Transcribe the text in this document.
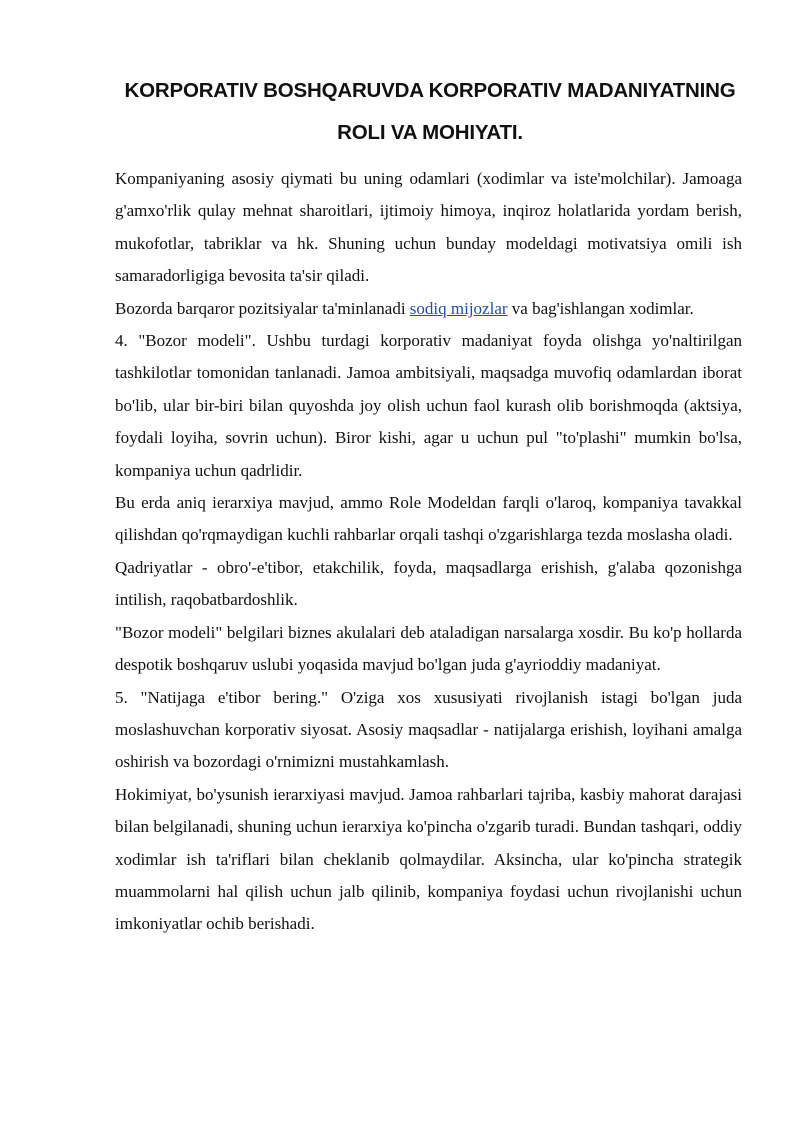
KORPORATIV BOSHQARUVDA KORPORATIV MADANIYATNING
ROLI VA MOHIYATI.

Kompaniyaning asosiy qiymati bu uning odamlari (xodimlar va iste'molchilar). Jamoaga g'amxo'rlik qulay mehnat sharoitlari, ijtimoiy himoya, inqiroz holatlarida yordam berish, mukofotlar, tabriklar va hk. Shuning uchun bunday modeldagi motivatsiya omili ish samaradorligiga bevosita ta'sir qiladi.

Bozorda barqaror pozitsiyalar ta'minlanadi sodiq mijozlar va bag'ishlangan xodimlar.

4. "Bozor modeli". Ushbu turdagi korporativ madaniyat foyda olishga yo'naltirilgan tashkilotlar tomonidan tanlanadi. Jamoa ambitsiyali, maqsadga muvofiq odamlardan iborat bo'lib, ular bir-biri bilan quyoshda joy olish uchun faol kurash olib borishmoqda (aktsiya, foydali loyiha, sovrin uchun). Biror kishi, agar u uchun pul "to'plashi" mumkin bo'lsa, kompaniya uchun qadrlidir.

Bu erda aniq ierarxiya mavjud, ammo Role Modeldan farqli o'laroq, kompaniya tavakkal qilishdan qo'rqmaydigan kuchli rahbarlar orqali tashqi o'zgarishlarga tezda moslasha oladi.

Qadriyatlar - obro'-e'tibor, etakchilik, foyda, maqsadlarga erishish, g'alaba qozonishga intilish, raqobatbardoshlik.

"Bozor modeli" belgilari biznes akulalari deb ataladigan narsalarga xosdir. Bu ko'p hollarda despotik boshqaruv uslubi yoqasida mavjud bo'lgan juda g'ayrioddiy madaniyat.

5. "Natijaga e'tibor bering." O'ziga xos xususiyati rivojlanish istagi bo'lgan juda moslashuvchan korporativ siyosat. Asosiy maqsadlar - natijalarga erishish, loyihani amalga oshirish va bozordagi o'rnimizni mustahkamlash.

Hokimiyat, bo'ysunish ierarxiyasi mavjud. Jamoa rahbarlari tajriba, kasbiy mahorat darajasi bilan belgilanadi, shuning uchun ierarxiya ko'pincha o'zgarib turadi. Bundan tashqari, oddiy xodimlar ish ta'riflari bilan cheklanib qolmaydilar. Aksincha, ular ko'pincha strategik muammolarni hal qilish uchun jalb qilinib, kompaniya foydasi uchun rivojlanishi uchun imkoniyatlar ochib berishadi.
